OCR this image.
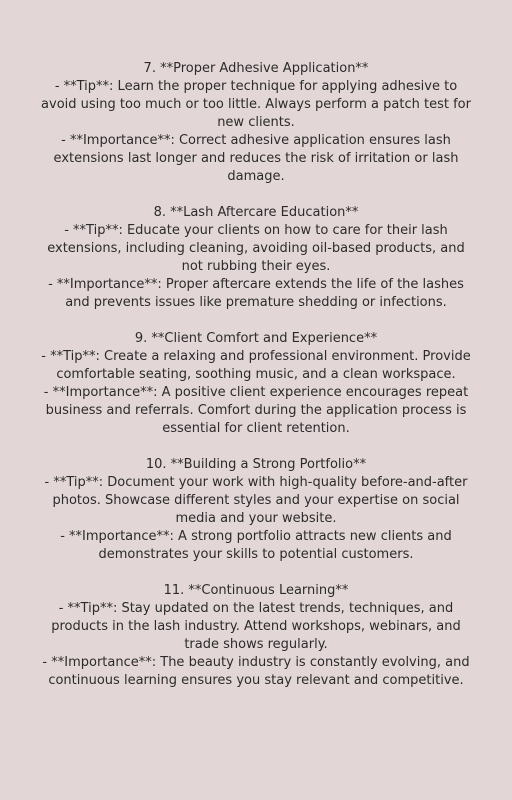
7. **Proper Adhesive Application**

- **Tip**: Learn the proper technique for applying adhesive to avoid using too much or too little. Always perform a patch test for new clients.

- **Importance**: Correct adhesive application ensures lash extensions last longer and reduces the risk of irritation or lash damage.

8. **Lash Aftercare Education**

- **Tip**: Educate your clients on how to care for their lash extensions, including cleaning, avoiding oil-based products, and not rubbing their eyes.

- **Importance**: Proper aftercare extends the life of the lashes and prevents issues like premature shedding or infections.

9. **Client Comfort and Experience**

- **Tip**: Create a relaxing and professional environment. Provide comfortable seating, soothing music, and a clean workspace.

- **Importance**: A positive client experience encourages repeat business and referrals. Comfort during the application process is essential for client retention.

10. **Building a Strong Portfolio**

- **Tip**: Document your work with high-quality before-and-after photos. Showcase different styles and your expertise on social media and your website.

- **Importance**: A strong portfolio attracts new clients and demonstrates your skills to potential customers.

11. **Continuous Learning**

- **Tip**: Stay updated on the latest trends, techniques, and products in the lash industry. Attend workshops, webinars, and trade shows regularly.

- **Importance**: The beauty industry is constantly evolving, and continuous learning ensures you stay relevant and competitive.
